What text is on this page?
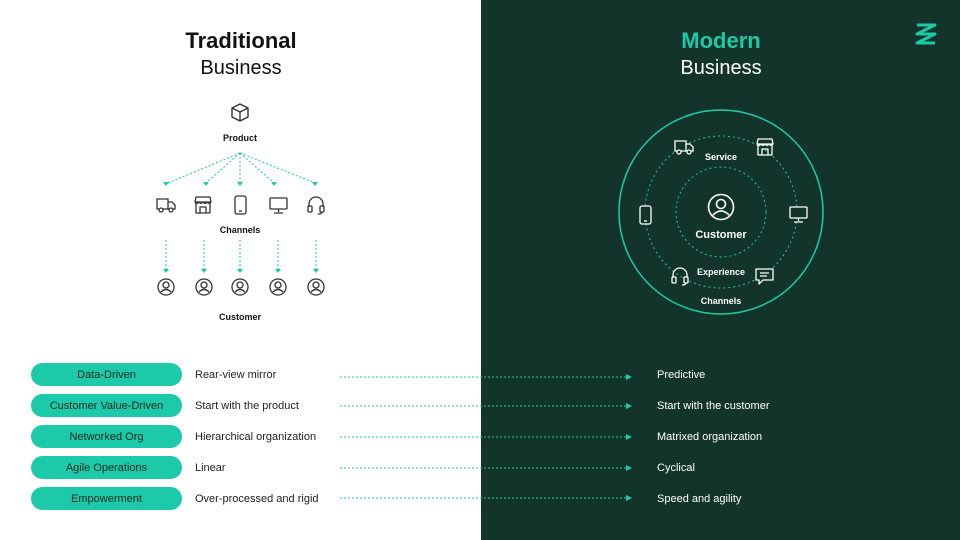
Traditional
Business
Modern
Business
Product
Channels
Customer
Customer
Service
Experience
Channels
Data-Driven	Rear-view mirror	Predictive
Customer Value-Driven	Start with the product	Start with the customer
Networked Org	Hierarchical organization	Matrixed organization
Agile Operations	Linear	Cyclical
Empowerment	Over-processed and rigid	Speed and agility
